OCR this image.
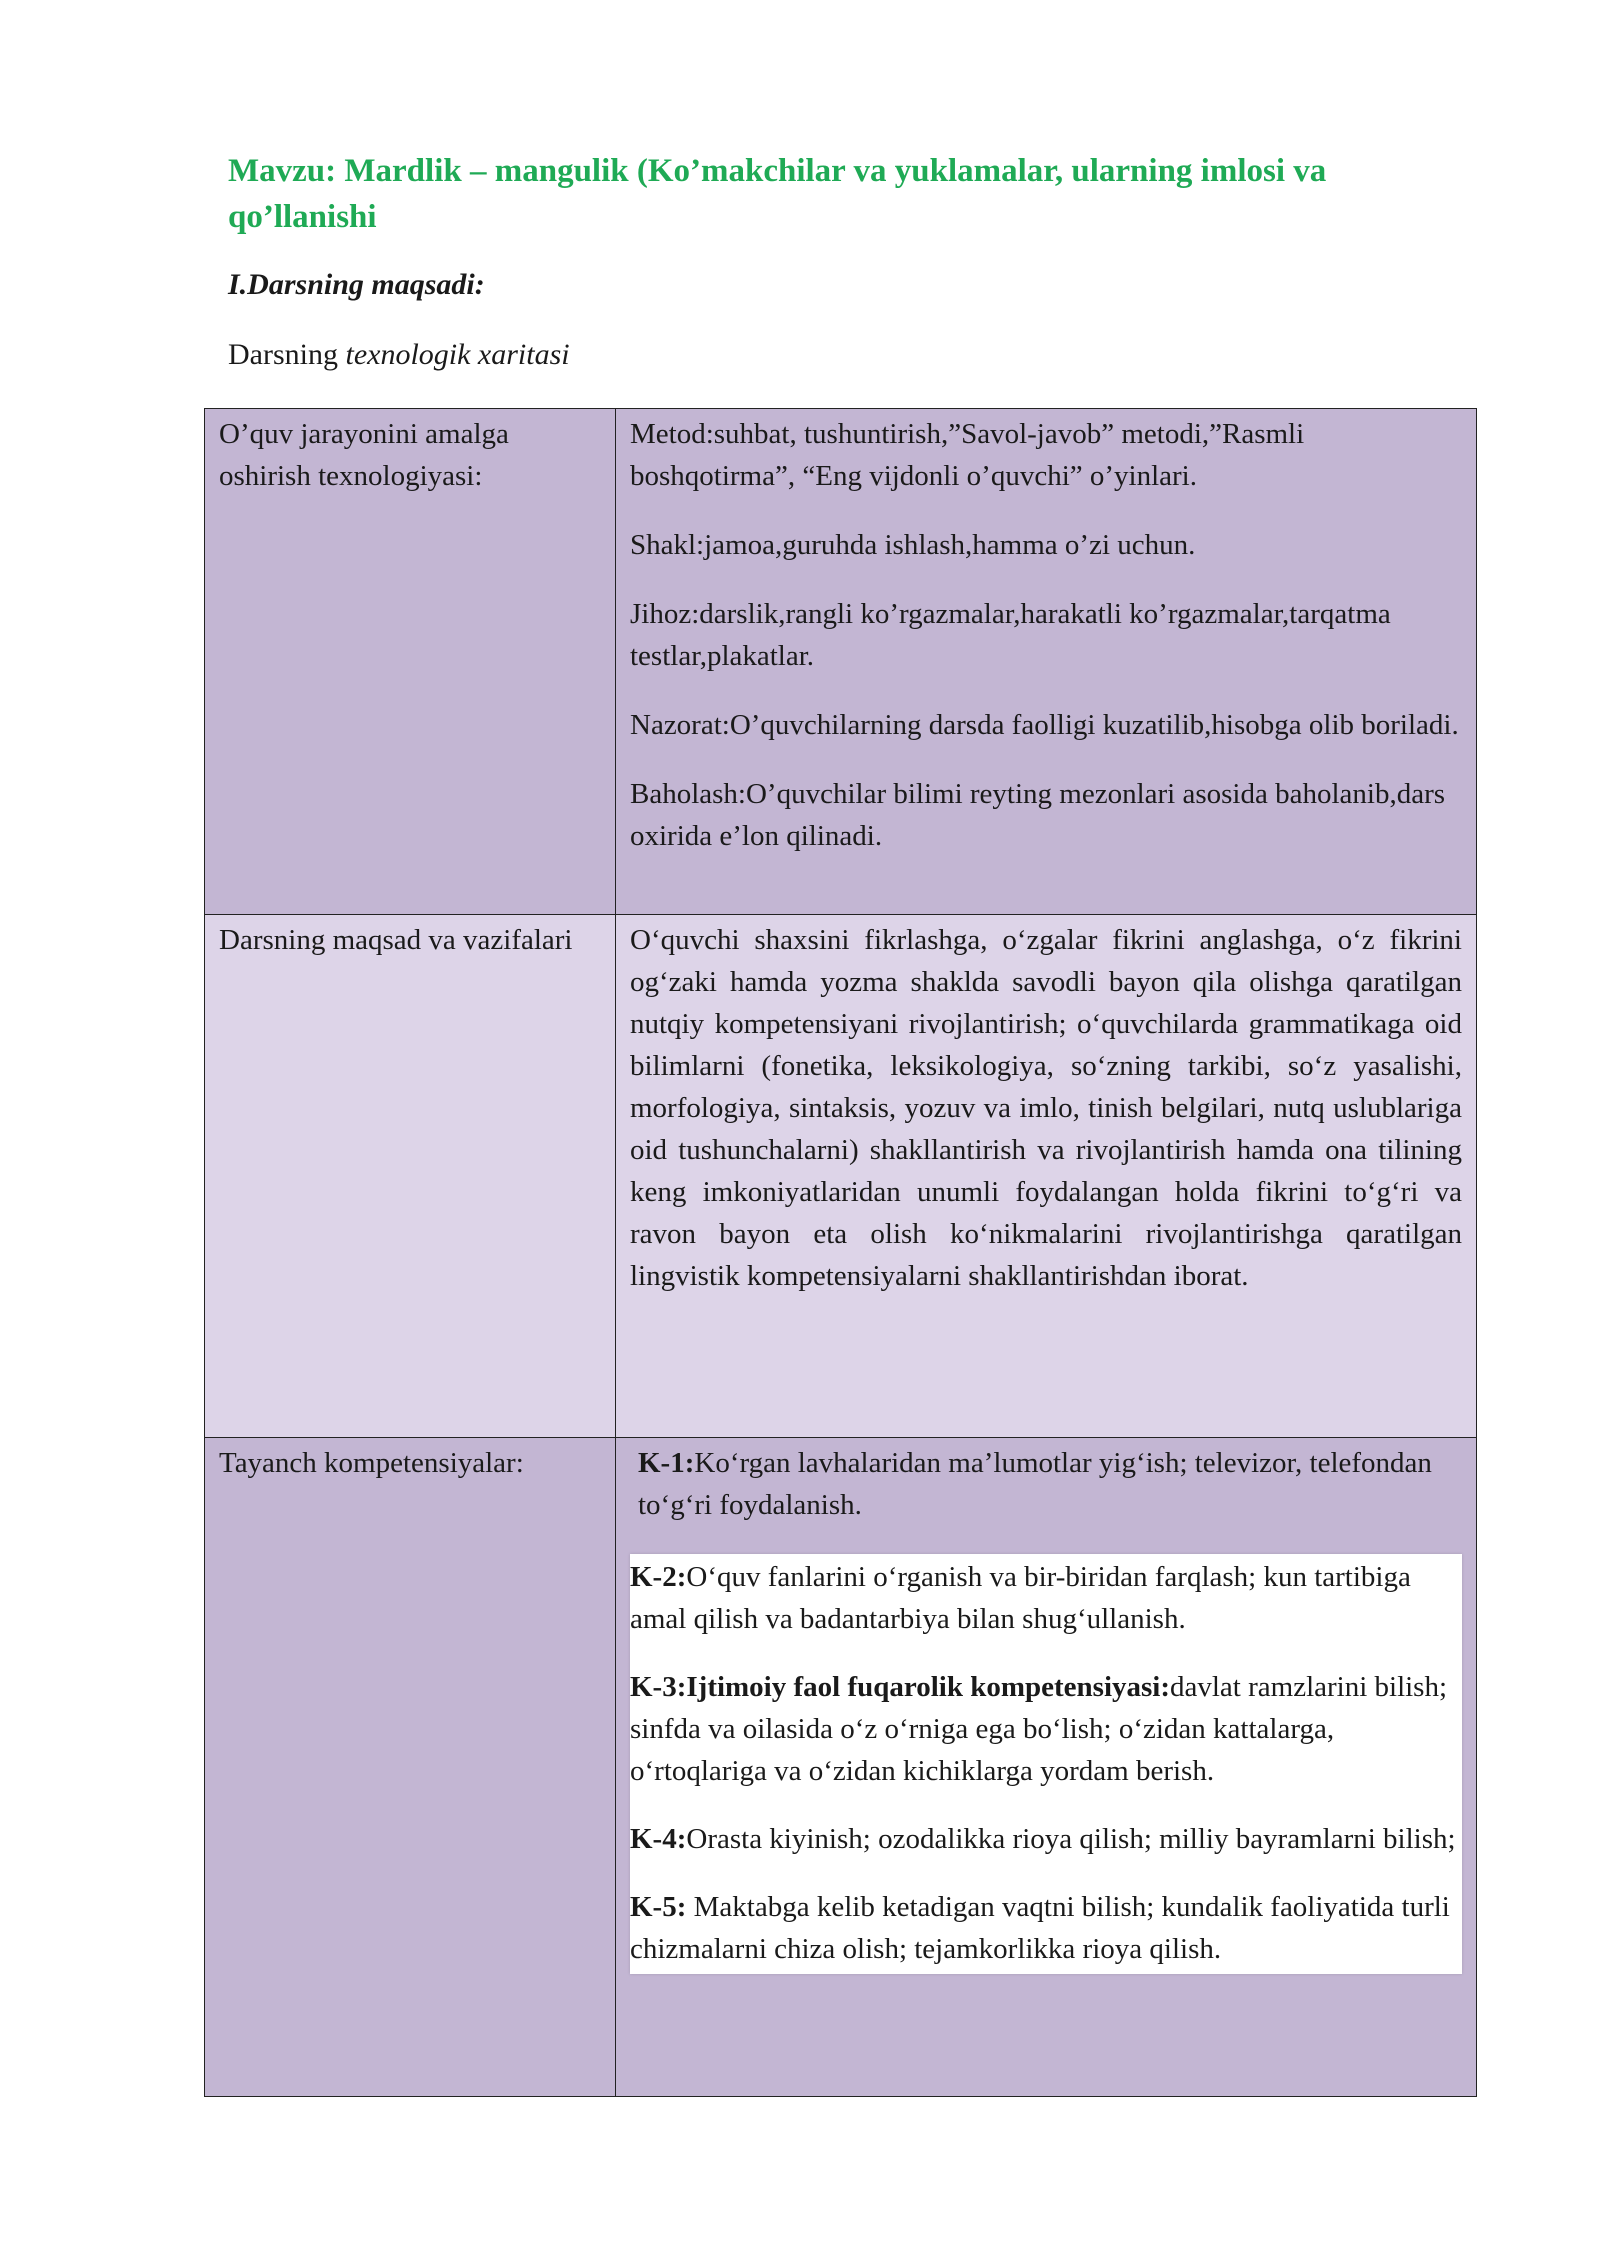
Mavzu: Mardlik – mangulik (Ko’makchilar va yuklamalar, ularning imlosi va qo’llanishi

I.Darsning maqsadi:

Darsning texnologik xaritasi

O’quv jarayonini amalga oshirish texnologiyasi:	Metod:suhbat, tushuntirish,”Savol-javob” metodi,”Rasmli boshqotirma”, “Eng vijdonli o’quvchi” o’yinlari.

Shakl:jamoa,guruhda ishlash,hamma o’zi uchun.

Jihoz:darslik,rangli ko’rgazmalar,harakatli ko’rgazmalar,tarqatma testlar,plakatlar.

Nazorat:O’quvchilarning darsda faolligi kuzatilib,hisobga olib boriladi.

Baholash:O’quvchilar bilimi reyting mezonlari asosida baholanib,dars oxirida e’lon qilinadi.

Darsning maqsad va vazifalari	O‘quvchi shaxsini fikrlashga, o‘zgalar fikrini anglashga, o‘z fikrini og‘zaki hamda yozma shaklda savodli bayon qila olishga qaratilgan nutqiy kompetensiyani rivojlantirish; o‘quvchilarda grammatikaga oid bilimlarni (fonetika, leksikologiya, so‘zning tarkibi, so‘z yasalishi, morfologiya, sintaksis, yozuv va imlo, tinish belgilari, nutq uslublariga oid tushunchalarni) shakllantirish va rivojlantirish hamda ona tilining keng imkoniyatlaridan unumli foydalangan holda fikrini to‘g‘ri va ravon bayon eta olish ko‘nikmalarini rivojlantirishga qaratilgan lingvistik kompetensiyalarni shakllantirishdan iborat.

Tayanch kompetensiyalar:	K-1:Ko‘rgan lavhalaridan ma’lumotlar yig‘ish; televizor, telefondan to‘g‘ri foydalanish.

K-2:O‘quv fanlarini o‘rganish va bir-biridan farqlash; kun tartibiga amal qilish va badantarbiya bilan shug‘ullanish.

K-3:Ijtimoiy faol fuqarolik kompetensiyasi:davlat ramzlarini bilish; sinfda va oilasida o‘z o‘rniga ega bo‘lish; o‘zidan kattalarga, o‘rtoqlariga va o‘zidan kichiklarga yordam berish.

K-4:Orasta kiyinish; ozodalikka rioya qilish; milliy bayramlarni bilish;

K-5: Maktabga kelib ketadigan vaqtni bilish; kundalik faoliyatida turli chizmalarni chiza olish; tejamkorlikka rioya qilish.
